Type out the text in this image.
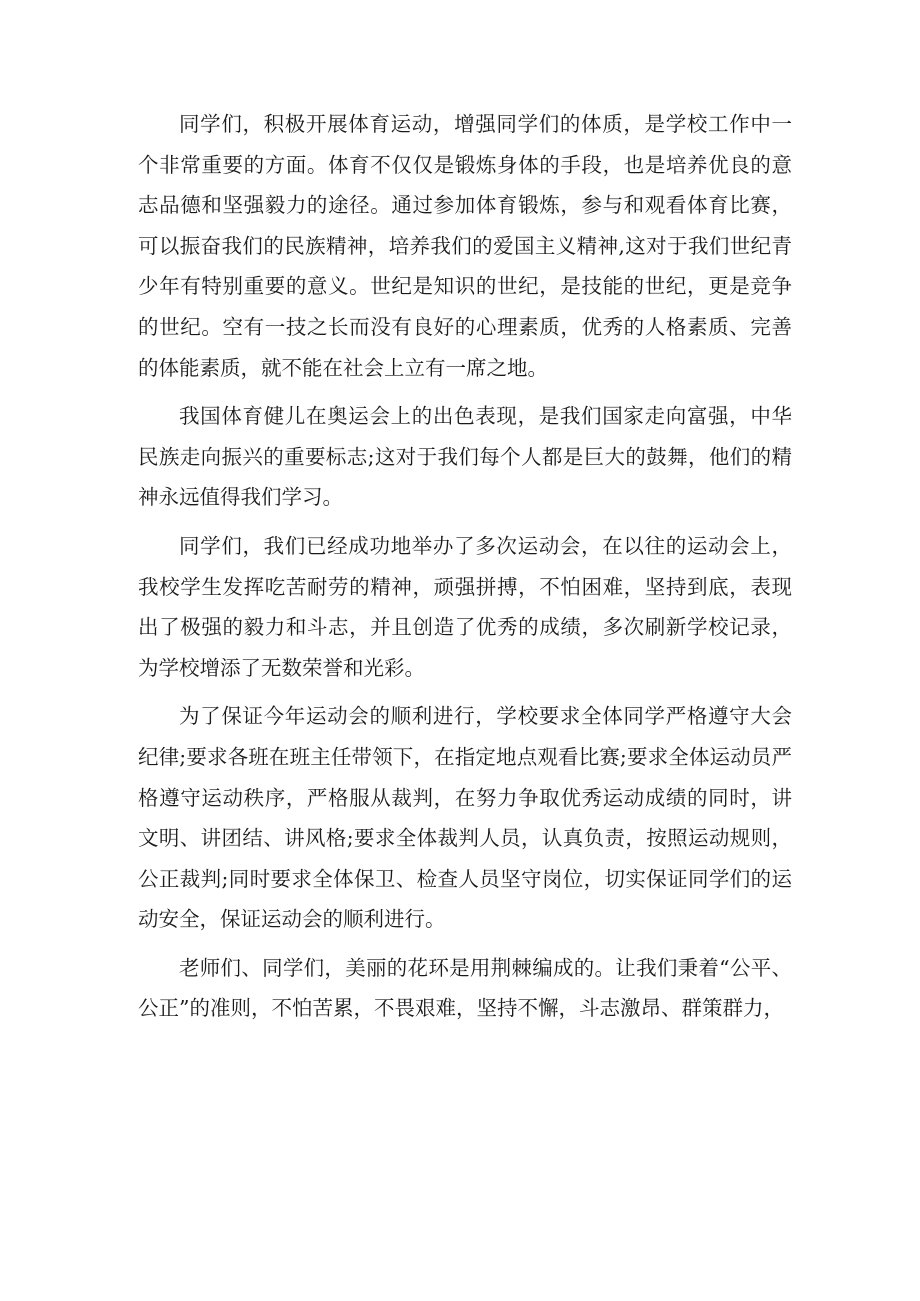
同学们，积极开展体育运动，增强同学们的体质，是学校工作中一个非常重要的方面。体育不仅仅是锻炼身体的手段，也是培养优良的意志品德和坚强毅力的途径。通过参加体育锻炼，参与和观看体育比赛，可以振奋我们的民族精神，培养我们的爱国主义精神,这对于我们世纪青少年有特别重要的意义。世纪是知识的世纪，是技能的世纪，更是竞争的世纪。空有一技之长而没有良好的心理素质，优秀的人格素质、完善的体能素质，就不能在社会上立有一席之地。

我国体育健儿在奥运会上的出色表现，是我们国家走向富强，中华民族走向振兴的重要标志;这对于我们每个人都是巨大的鼓舞，他们的精神永远值得我们学习。

同学们，我们已经成功地举办了多次运动会，在以往的运动会上，我校学生发挥吃苦耐劳的精神，顽强拼搏，不怕困难，坚持到底，表现出了极强的毅力和斗志，并且创造了优秀的成绩，多次刷新学校记录，为学校增添了无数荣誉和光彩。

为了保证今年运动会的顺利进行，学校要求全体同学严格遵守大会纪律;要求各班在班主任带领下，在指定地点观看比赛;要求全体运动员严格遵守运动秩序，严格服从裁判，在努力争取优秀运动成绩的同时，讲文明、讲团结、讲风格;要求全体裁判人员，认真负责，按照运动规则，公正裁判;同时要求全体保卫、检查人员坚守岗位，切实保证同学们的运动安全，保证运动会的顺利进行。

老师们、同学们，美丽的花环是用荆棘编成的。让我们秉着“公平、公正”的准则，不怕苦累，不畏艰难，坚持不懈，斗志激昂、群策群力，
